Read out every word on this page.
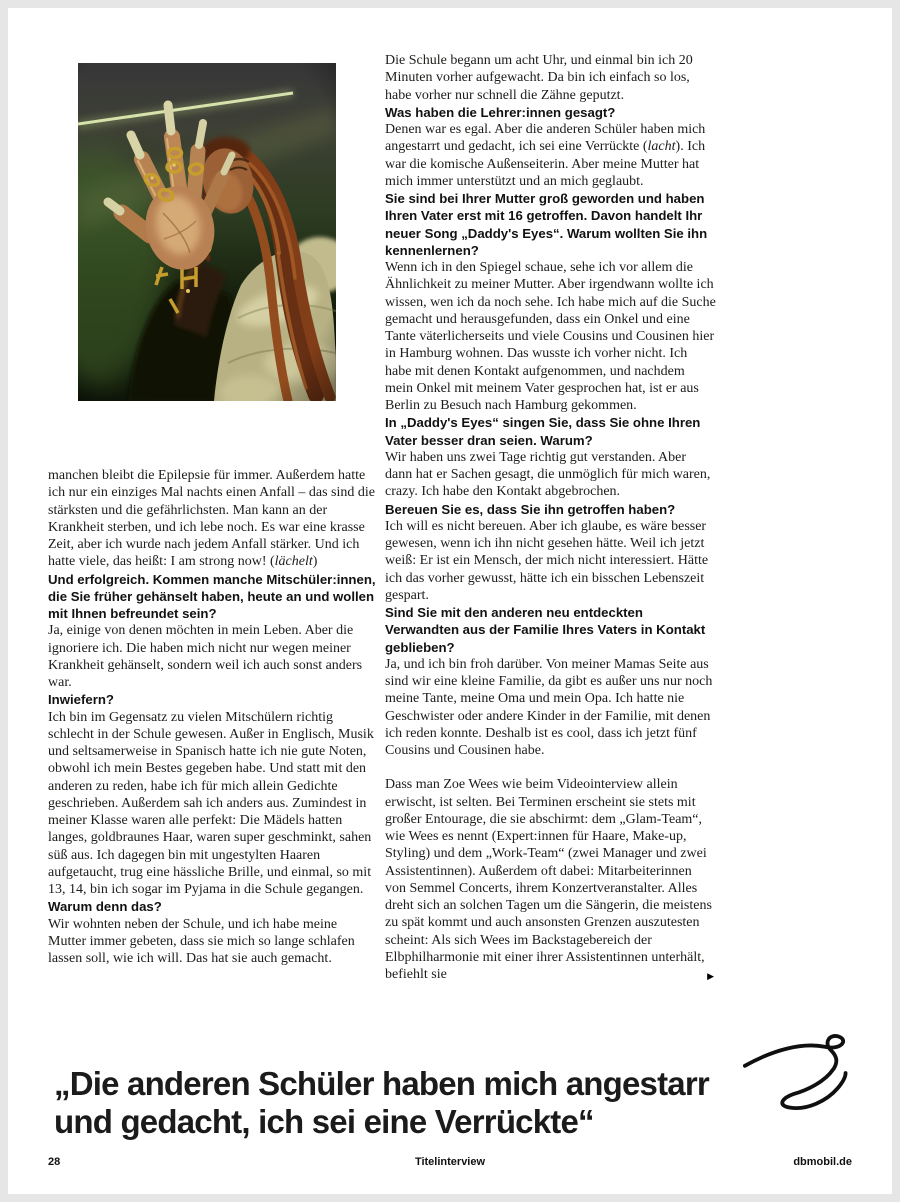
Die Schule begann um acht Uhr, und einmal bin ich 20 Minuten vorher aufgewacht. Da bin ich einfach so los, habe vorher nur schnell die Zähne geputzt.

Was haben die Lehrer:innen gesagt?

Denen war es egal. Aber die anderen Schüler haben mich angestarrt und gedacht, ich sei eine Verrückte (lacht). Ich war die komische Außenseiterin. Aber meine Mutter hat mich immer unterstützt und an mich geglaubt.

Sie sind bei Ihrer Mutter groß geworden und haben Ihren Vater erst mit 16 getroffen. Davon handelt Ihr neuer Song „Daddy's Eyes“. Warum wollten Sie ihn kennenlernen?

Wenn ich in den Spiegel schaue, sehe ich vor allem die Ähnlichkeit zu meiner Mutter. Aber irgendwann wollte ich wissen, wen ich da noch sehe. Ich habe mich auf die Suche gemacht und herausgefunden, dass ein Onkel und eine Tante väterlicherseits und viele Cousins und Cousinen hier in Hamburg wohnen. Das wusste ich vorher nicht. Ich habe mit denen Kontakt aufgenommen, und nachdem mein Onkel mit meinem Vater gesprochen hat, ist er aus Berlin zu Besuch nach Hamburg gekommen.

In „Daddy's Eyes“ singen Sie, dass Sie ohne Ihren Vater besser dran seien. Warum?

Wir haben uns zwei Tage richtig gut verstanden. Aber dann hat er Sachen gesagt, die unmöglich für mich waren, crazy. Ich habe den Kontakt abgebrochen.

Bereuen Sie es, dass Sie ihn getroffen haben?

Ich will es nicht bereuen. Aber ich glaube, es wäre besser gewesen, wenn ich ihn nicht gesehen hätte. Weil ich jetzt weiß: Er ist ein Mensch, der mich nicht interessiert. Hätte ich das vorher gewusst, hätte ich ein bisschen Lebenszeit gespart.

Sind Sie mit den anderen neu entdeckten Verwandten aus der Familie Ihres Vaters in Kontakt geblieben?

Ja, und ich bin froh darüber. Von meiner Mamas Seite aus sind wir eine kleine Familie, da gibt es außer uns nur noch meine Tante, meine Oma und mein Opa. Ich hatte nie Geschwister oder andere Kinder in der Familie, mit denen ich reden konnte. Deshalb ist es cool, dass ich jetzt fünf Cousins und Cousinen habe.

Dass man Zoe Wees wie beim Videointerview allein erwischt, ist selten. Bei Terminen erscheint sie stets mit großer Entourage, die sie abschirmt: dem „Glam-Team“, wie Wees es nennt (Expert:innen für Haare, Make-up, Styling) und dem „Work-Team“ (zwei Manager und zwei Assistentinnen). Außerdem oft dabei: Mitarbeiterinnen von Semmel Concerts, ihrem Konzertveranstalter. Alles dreht sich an solchen Tagen um die Sängerin, die meistens zu spät kommt und auch ansonsten Grenzen auszutesten scheint: Als sich Wees im Backstagebereich der Elbphilharmonie mit einer ihrer Assistentinnen unterhält, befiehlt sie	▶

manchen bleibt die Epilepsie für immer. Außerdem hatte ich nur ein einziges Mal nachts einen Anfall – das sind die stärksten und die gefährlichsten. Man kann an der Krankheit sterben, und ich lebe noch. Es war eine krasse Zeit, aber ich wurde nach jedem Anfall stärker. Und ich hatte viele, das heißt: I am strong now! (lächelt)

Und erfolgreich. Kommen manche Mitschüler:innen, die Sie früher gehänselt haben, heute an und wollen mit Ihnen befreundet sein?

Ja, einige von denen möchten in mein Leben. Aber die ignoriere ich. Die haben mich nicht nur wegen meiner Krankheit gehänselt, sondern weil ich auch sonst anders war.

Inwiefern?

Ich bin im Gegensatz zu vielen Mitschülern richtig schlecht in der Schule gewesen. Außer in Englisch, Musik und seltsamerweise in Spanisch hatte ich nie gute Noten, obwohl ich mein Bestes gegeben habe. Und statt mit den anderen zu reden, habe ich für mich allein Gedichte geschrieben. Außerdem sah ich anders aus. Zumindest in meiner Klasse waren alle perfekt: Die Mädels hatten langes, goldbraunes Haar, waren super geschminkt, sahen süß aus. Ich dagegen bin mit ungestylten Haaren aufgetaucht, trug eine hässliche Brille, und einmal, so mit 13, 14, bin ich sogar im Pyjama in die Schule gegangen.

Warum denn das?

Wir wohnten neben der Schule, und ich habe meine Mutter immer gebeten, dass sie mich so lange schlafen lassen soll, wie ich will. Das hat sie auch gemacht.

„Die anderen Schüler haben mich angestarr
und gedacht, ich sei eine Verrückte“
28	Titelinterview	dbmobil.de
